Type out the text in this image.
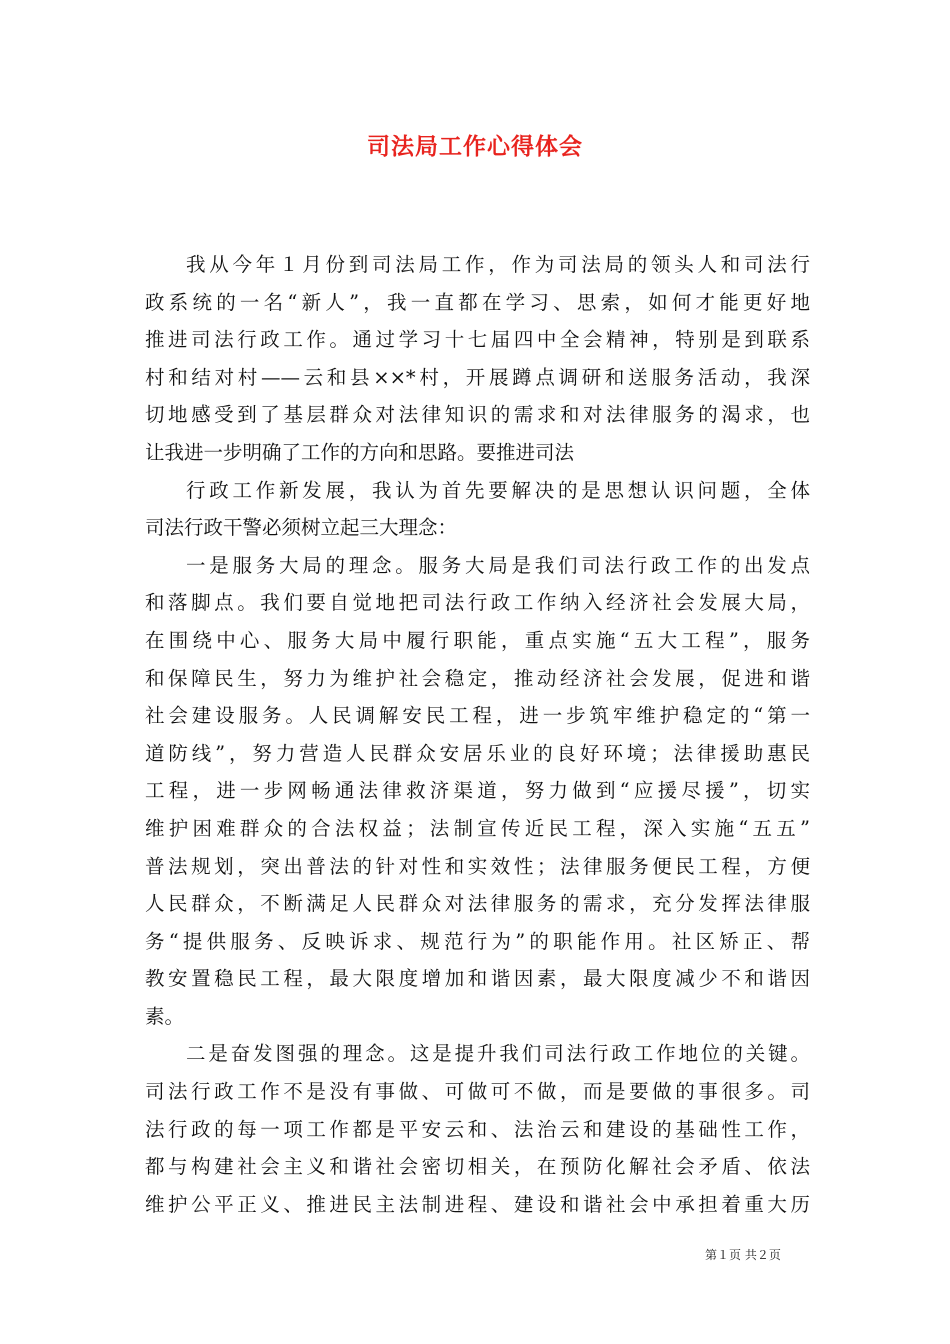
司法局工作心得体会

我从今年１月份到司法局工作，作为司法局的领头人和司法行
政系统的一名“新人”，我一直都在学习、思索，如何才能更好地
推进司法行政工作。通过学习十七届四中全会精神，特别是到联系
村和结对村——云和县××*村，开展蹲点调研和送服务活动，我深
切地感受到了基层群众对法律知识的需求和对法律服务的渴求，也
让我进一步明确了工作的方向和思路。要推进司法

行政工作新发展，我认为首先要解决的是思想认识问题，全体
司法行政干警必须树立起三大理念：

一是服务大局的理念。服务大局是我们司法行政工作的出发点
和落脚点。我们要自觉地把司法行政工作纳入经济社会发展大局，
在围绕中心、服务大局中履行职能，重点实施“五大工程”，服务
和保障民生，努力为维护社会稳定，推动经济社会发展，促进和谐
社会建设服务。人民调解安民工程，进一步筑牢维护稳定的“第一
道防线”，努力营造人民群众安居乐业的良好环境；法律援助惠民
工程，进一步网畅通法律救济渠道，努力做到“应援尽援”，切实
维护困难群众的合法权益；法制宣传近民工程，深入实施“五五”
普法规划，突出普法的针对性和实效性；法律服务便民工程，方便
人民群众，不断满足人民群众对法律服务的需求，充分发挥法律服
务“提供服务、反映诉求、规范行为”的职能作用。社区矫正、帮
教安置稳民工程，最大限度增加和谐因素，最大限度减少不和谐因
素。

二是奋发图强的理念。这是提升我们司法行政工作地位的关键。
司法行政工作不是没有事做、可做可不做，而是要做的事很多。司
法行政的每一项工作都是平安云和、法治云和建设的基础性工作，
都与构建社会主义和谐社会密切相关，在预防化解社会矛盾、依法
维护公平正义、推进民主法制进程、建设和谐社会中承担着重大历

第１页 共２页
